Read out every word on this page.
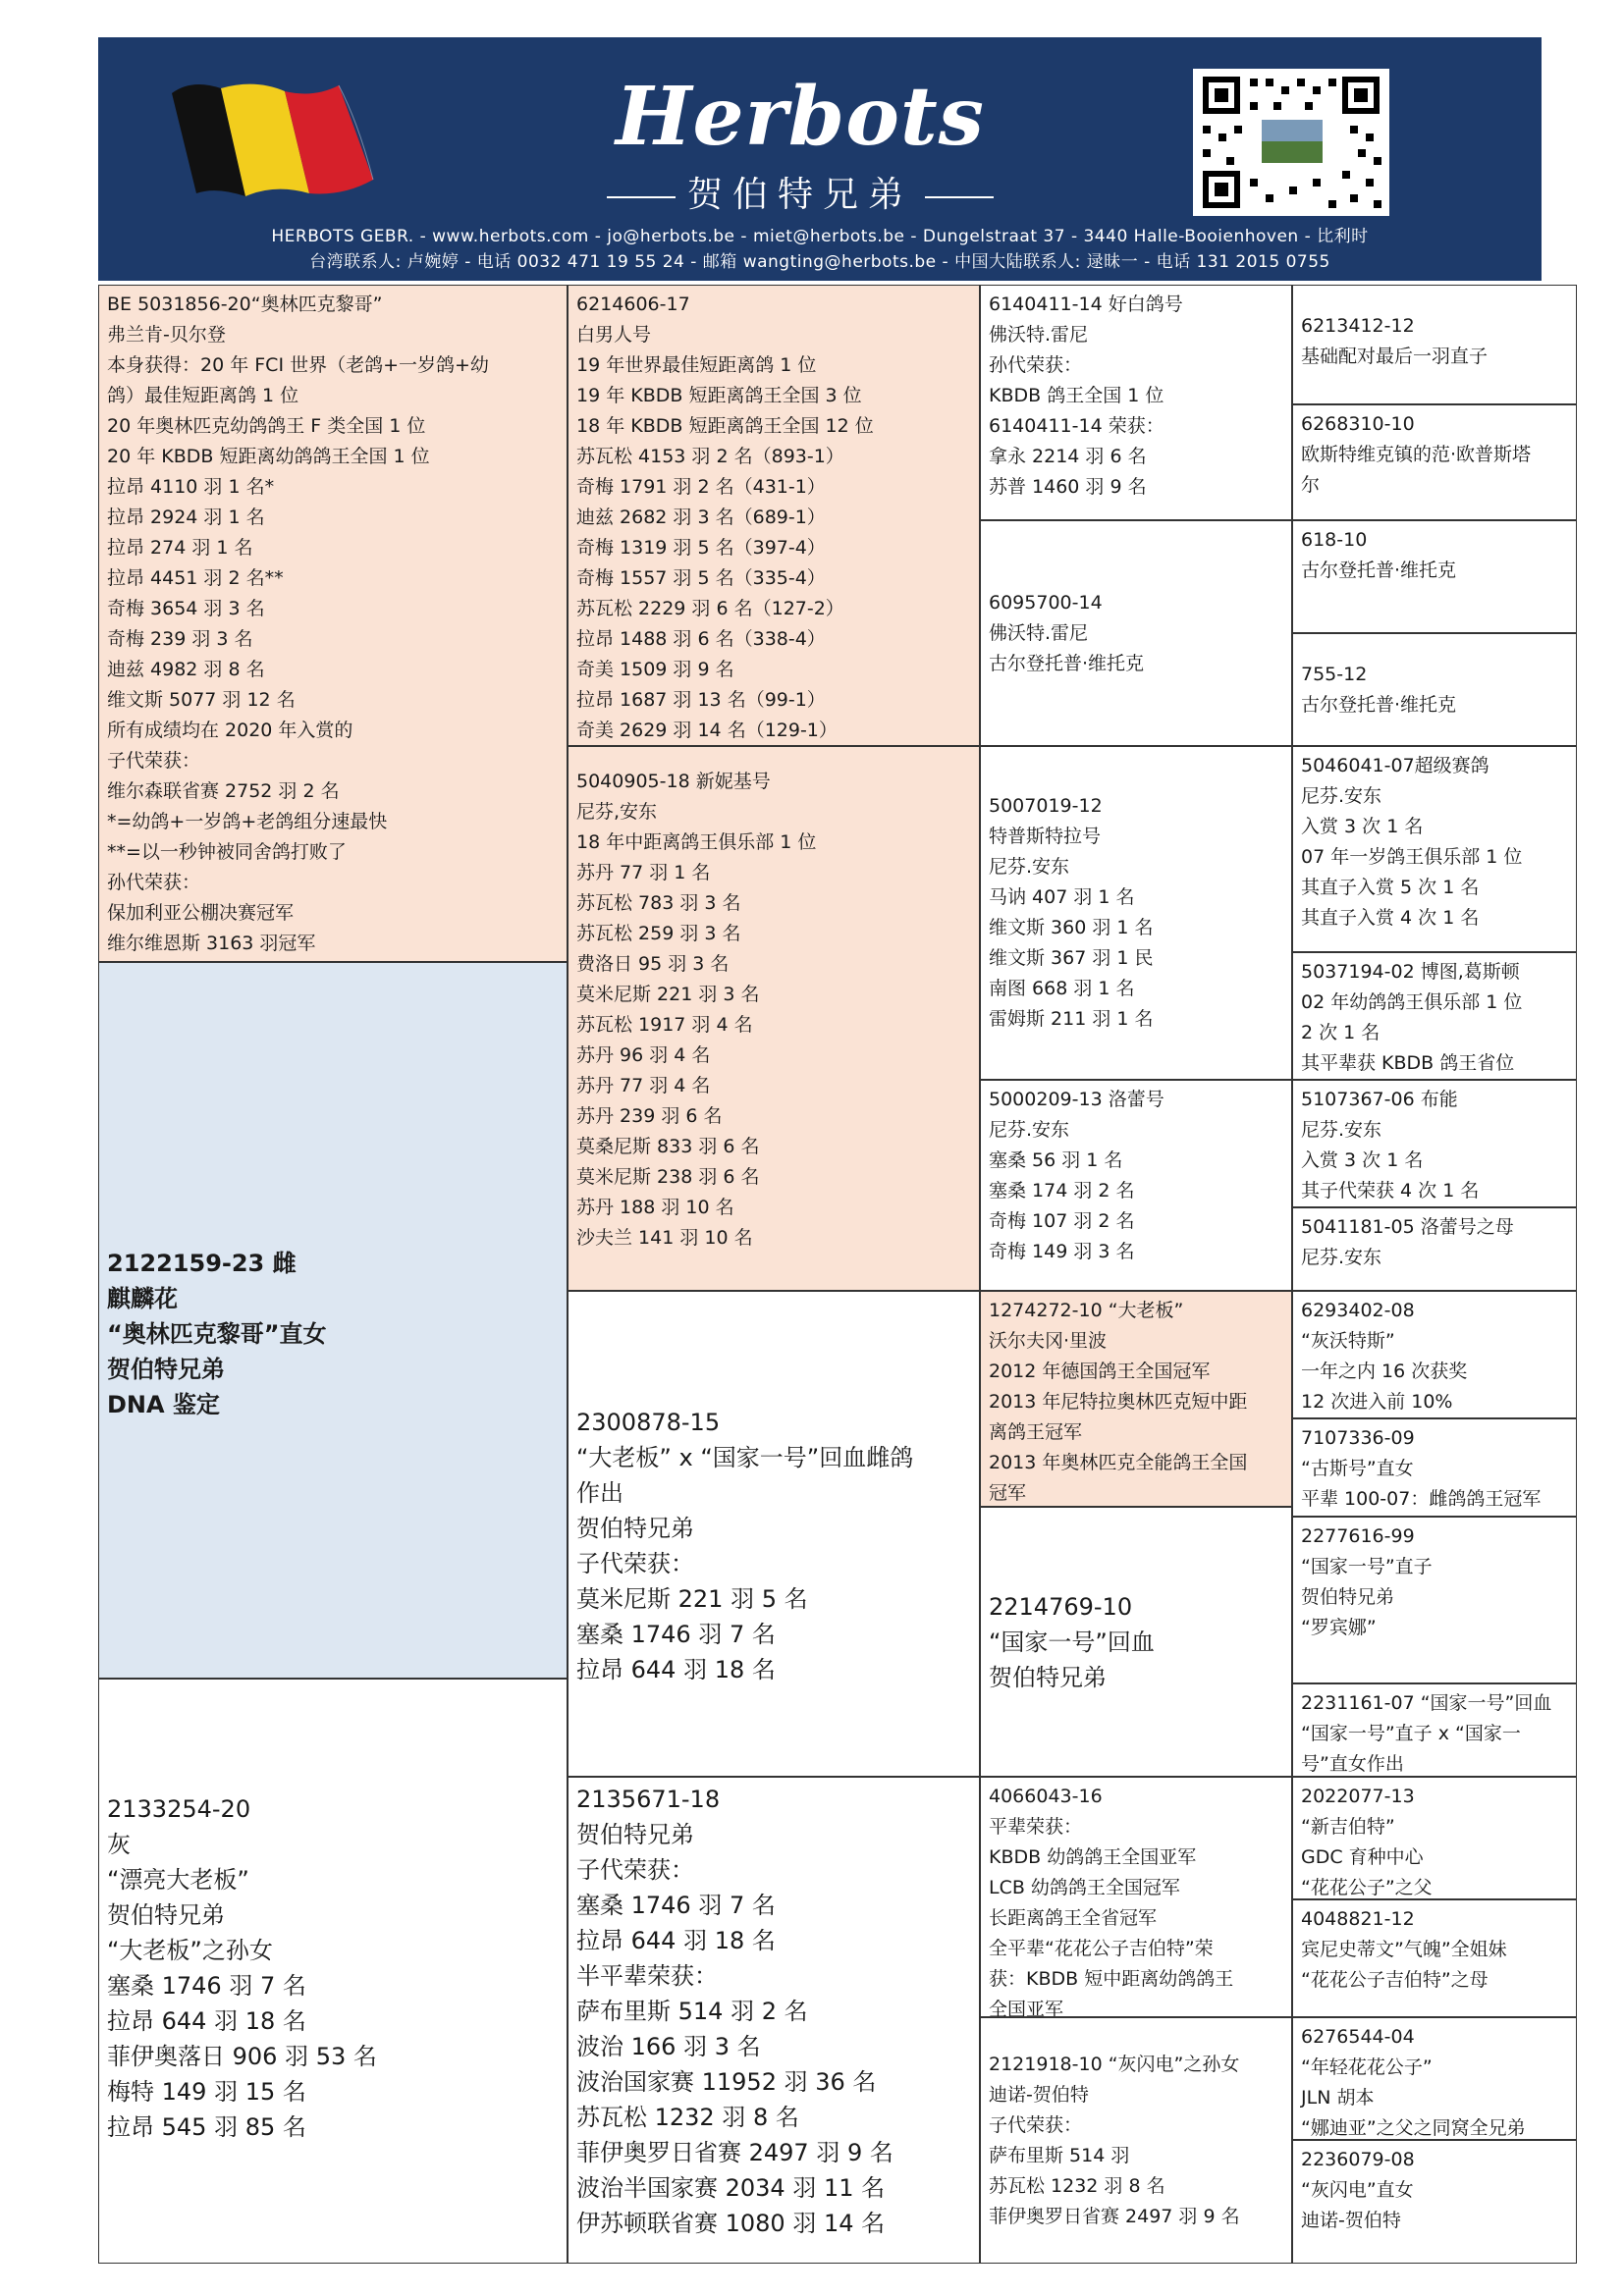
Herbots
贺伯特兄弟
HERBOTS GEBR. - www.herbots.com - jo@herbots.be - miet@herbots.be - Dungelstraat 37 - 3440 Halle-Booienhoven - 比利时
台湾联系人: 卢婉婷 - 电话 0032 471 19 55 24 - 邮箱 wangting@herbots.be - 中国大陆联系人: 逯昧一 - 电话 131 2015 0755
BE 5031856-20“奥林匹克黎哥”
弗兰肯-贝尔登
本身获得：20 年 FCI 世界（老鸽+一岁鸽+幼
鸽）最佳短距离鸽 1 位
20 年奥林匹克幼鸽鸽王 F 类全国 1 位
20 年 KBDB 短距离幼鸽鸽王全国 1 位
拉昂 4110 羽 1 名*
拉昂 2924 羽 1 名
拉昂 274 羽 1 名
拉昂 4451 羽 2 名**
奇梅 3654 羽 3 名
奇梅 239 羽 3 名
迪兹 4982 羽 8 名
维文斯 5077 羽 12 名
所有成绩均在 2020 年入赏的
子代荣获：
维尔森联省赛 2752 羽 2 名
*=幼鸽+一岁鸽+老鸽组分速最快
**=以一秒钟被同舍鸽打败了
孙代荣获：
保加利亚公棚决赛冠军
维尔维恩斯 3163 羽冠军
2122159-23 雌
麒麟花
“奥林匹克黎哥”直女
贺伯特兄弟
DNA 鉴定
2133254-20
灰
“漂亮大老板”
贺伯特兄弟
“大老板”之孙女
塞桑 1746 羽 7 名
拉昂 644 羽 18 名
菲伊奥落日 906 羽 53 名
梅特 149 羽 15 名
拉昂 545 羽 85 名
6214606-17
白男人号
19 年世界最佳短距离鸽 1 位
19 年 KBDB 短距离鸽王全国 3 位
18 年 KBDB 短距离鸽王全国 12 位
苏瓦松 4153 羽 2 名（893-1）
奇梅 1791 羽 2 名（431-1）
迪兹 2682 羽 3 名（689-1）
奇梅 1319 羽 5 名（397-4）
奇梅 1557 羽 5 名（335-4）
苏瓦松 2229 羽 6 名（127-2）
拉昂 1488 羽 6 名（338-4）
奇美 1509 羽 9 名
拉昂 1687 羽 13 名（99-1）
奇美 2629 羽 14 名（129-1）
5040905-18 新妮基号
尼芬,安东
18 年中距离鸽王俱乐部 1 位
苏丹 77 羽 1 名
苏瓦松 783 羽 3 名
苏瓦松 259 羽 3 名
费洛日 95 羽 3 名
莫米尼斯 221 羽 3 名
苏瓦松 1917 羽 4 名
苏丹 96 羽 4 名
苏丹 77 羽 4 名
苏丹 239 羽 6 名
莫桑尼斯 833 羽 6 名
莫米尼斯 238 羽 6 名
苏丹 188 羽 10 名
沙夫兰 141 羽 10 名
2300878-15
“大老板” x “国家一号”回血雌鸽
作出
贺伯特兄弟
子代荣获：
莫米尼斯 221 羽 5 名
塞桑 1746 羽 7 名
拉昂 644 羽 18 名
2135671-18
贺伯特兄弟
子代荣获：
塞桑 1746 羽 7 名
拉昂 644 羽 18 名
半平辈荣获：
萨布里斯 514 羽 2 名
波治 166 羽 3 名
波治国家赛 11952 羽 36 名
苏瓦松 1232 羽 8 名
菲伊奥罗日省赛 2497 羽 9 名
波治半国家赛 2034 羽 11 名
伊苏顿联省赛 1080 羽 14 名
6140411-14 好白鸽号
佛沃特.雷尼
孙代荣获：
KBDB 鸽王全国 1 位
6140411-14 荣获：
拿永 2214 羽 6 名
苏普 1460 羽 9 名
6095700-14
佛沃特.雷尼
古尔登托普·维托克
5007019-12
特普斯特拉号
尼芬.安东
马讷 407 羽 1 名
维文斯 360 羽 1 名
维文斯 367 羽 1 民
南图 668 羽 1 名
雷姆斯 211 羽 1 名
5000209-13 洛蕾号
尼芬.安东
塞桑 56 羽 1 名
塞桑 174 羽 2 名
奇梅 107 羽 2 名
奇梅 149 羽 3 名
1274272-10 “大老板”
沃尔夫冈·里波
2012 年德国鸽王全国冠军
2013 年尼特拉奥林匹克短中距
离鸽王冠军
2013 年奥林匹克全能鸽王全国
冠军
2214769-10
“国家一号”回血
贺伯特兄弟
4066043-16
平辈荣获：
KBDB 幼鸽鸽王全国亚军
LCB 幼鸽鸽王全国冠军
长距离鸽王全省冠军
全平辈“花花公子吉伯特”荣
获：KBDB 短中距离幼鸽鸽王
全国亚军
2121918-10 “灰闪电”之孙女
迪诺-贺伯特
子代荣获：
萨布里斯 514 羽
苏瓦松 1232 羽 8 名
菲伊奥罗日省赛 2497 羽 9 名
6213412-12
基础配对最后一羽直子
6268310-10
欧斯特维克镇的范·欧普斯塔
尔
618-10
古尔登托普·维托克
755-12
古尔登托普·维托克
5046041-07超级赛鸽
尼芬.安东
入赏 3 次 1 名
07 年一岁鸽王俱乐部 1 位
其直子入赏 5 次 1 名
其直子入赏 4 次 1 名
5037194-02 博图,葛斯顿
02 年幼鸽鸽王俱乐部 1 位
2 次 1 名
其平辈获 KBDB 鸽王省位
5107367-06 布能
尼芬.安东
入赏 3 次 1 名
其子代荣获 4 次 1 名
5041181-05 洛蕾号之母
尼芬.安东
6293402-08
“灰沃特斯”
一年之内 16 次获奖
12 次进入前 10%
7107336-09
“古斯号”直女
平辈 100-07：雌鸽鸽王冠军
2277616-99
“国家一号”直子
贺伯特兄弟
“罗宾娜”
2231161-07 “国家一号”回血
“国家一号”直子 x “国家一
号”直女作出
2022077-13
“新吉伯特”
GDC 育种中心
“花花公子”之父
4048821-12
宾尼史蒂文”气魄”全姐妹
“花花公子吉伯特”之母
6276544-04
“年轻花花公子”
JLN 胡本
“娜迪亚”之父之同窝全兄弟
2236079-08
“灰闪电”直女
迪诺-贺伯特
